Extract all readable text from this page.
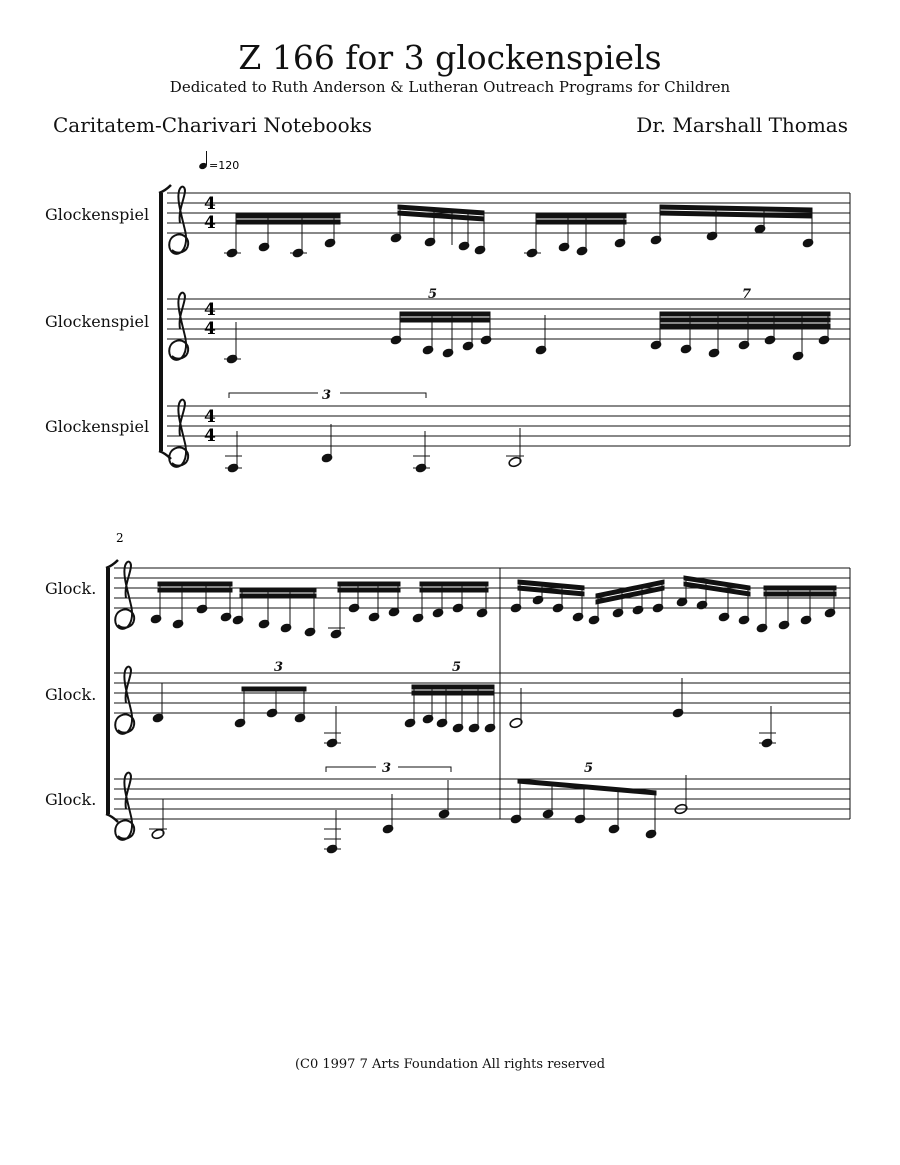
Z 166 for 3 glockenspiels
Dedicated to Ruth Anderson & Lutheran Outreach Programs for Children
Caritatem-Charivari Notebooks	Dr. Marshall Thomas
Glockenspiel
Glockenspiel
Glockenspiel
Glock.
Glock.
Glock.
(C0 1997 7 Arts Foundation All rights reserved
=120
4
4
4
4
4
4
5	7
3
2
3	5
3	5
